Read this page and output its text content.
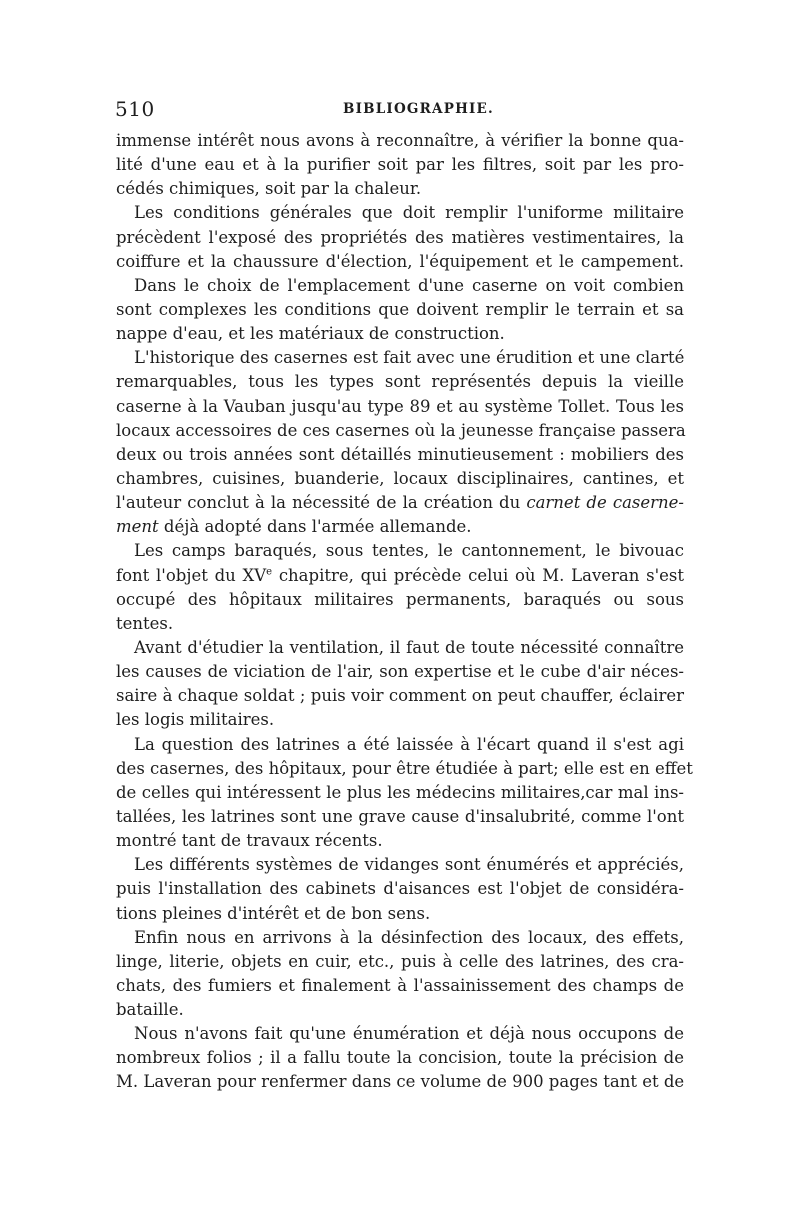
510	BIBLIOGRAPHIE.
immense intérêt nous avons à reconnaître, à vérifier la bonne qua-
lité d'une eau et à la purifier soit par les filtres, soit par les pro-
cédés chimiques, soit par la chaleur.
Les conditions générales que doit remplir l'uniforme militaire
précèdent l'exposé des propriétés des matières vestimentaires, la
coiffure et la chaussure d'élection, l'équipement et le campement.
Dans le choix de l'emplacement d'une caserne on voit combien
sont complexes les conditions que doivent remplir le terrain et sa
nappe d'eau, et les matériaux de construction.
L'historique des casernes est fait avec une érudition et une clarté
remarquables, tous les types sont représentés depuis la vieille
caserne à la Vauban jusqu'au type 89 et au système Tollet. Tous les
locaux accessoires de ces casernes où la jeunesse française passera
deux ou trois années sont détaillés minutieusement : mobiliers des
chambres, cuisines, buanderie, locaux disciplinaires, cantines, et
l'auteur conclut à la nécessité de la création du carnet de caserne-
ment déjà adopté dans l'armée allemande.
Les camps baraqués, sous tentes, le cantonnement, le bivouac
font l'objet du XVe chapitre, qui précède celui où M. Laveran s'est
occupé des hôpitaux militaires permanents, baraqués ou sous
tentes.
Avant d'étudier la ventilation, il faut de toute nécessité connaître
les causes de viciation de l'air, son expertise et le cube d'air néces-
saire à chaque soldat ; puis voir comment on peut chauffer, éclairer
les logis militaires.
La question des latrines a été laissée à l'écart quand il s'est agi
des casernes, des hôpitaux, pour être étudiée à part; elle est en effet
de celles qui intéressent le plus les médecins militaires,car mal ins-
tallées, les latrines sont une grave cause d'insalubrité, comme l'ont
montré tant de travaux récents.
Les différents systèmes de vidanges sont énumérés et appréciés,
puis l'installation des cabinets d'aisances est l'objet de considéra-
tions pleines d'intérêt et de bon sens.
Enfin nous en arrivons à la désinfection des locaux, des effets,
linge, literie, objets en cuir, etc., puis à celle des latrines, des cra-
chats, des fumiers et finalement à l'assainissement des champs de
bataille.
Nous n'avons fait qu'une énumération et déjà nous occupons de
nombreux folios ; il a fallu toute la concision, toute la précision de
M. Laveran pour renfermer dans ce volume de 900 pages tant et de
